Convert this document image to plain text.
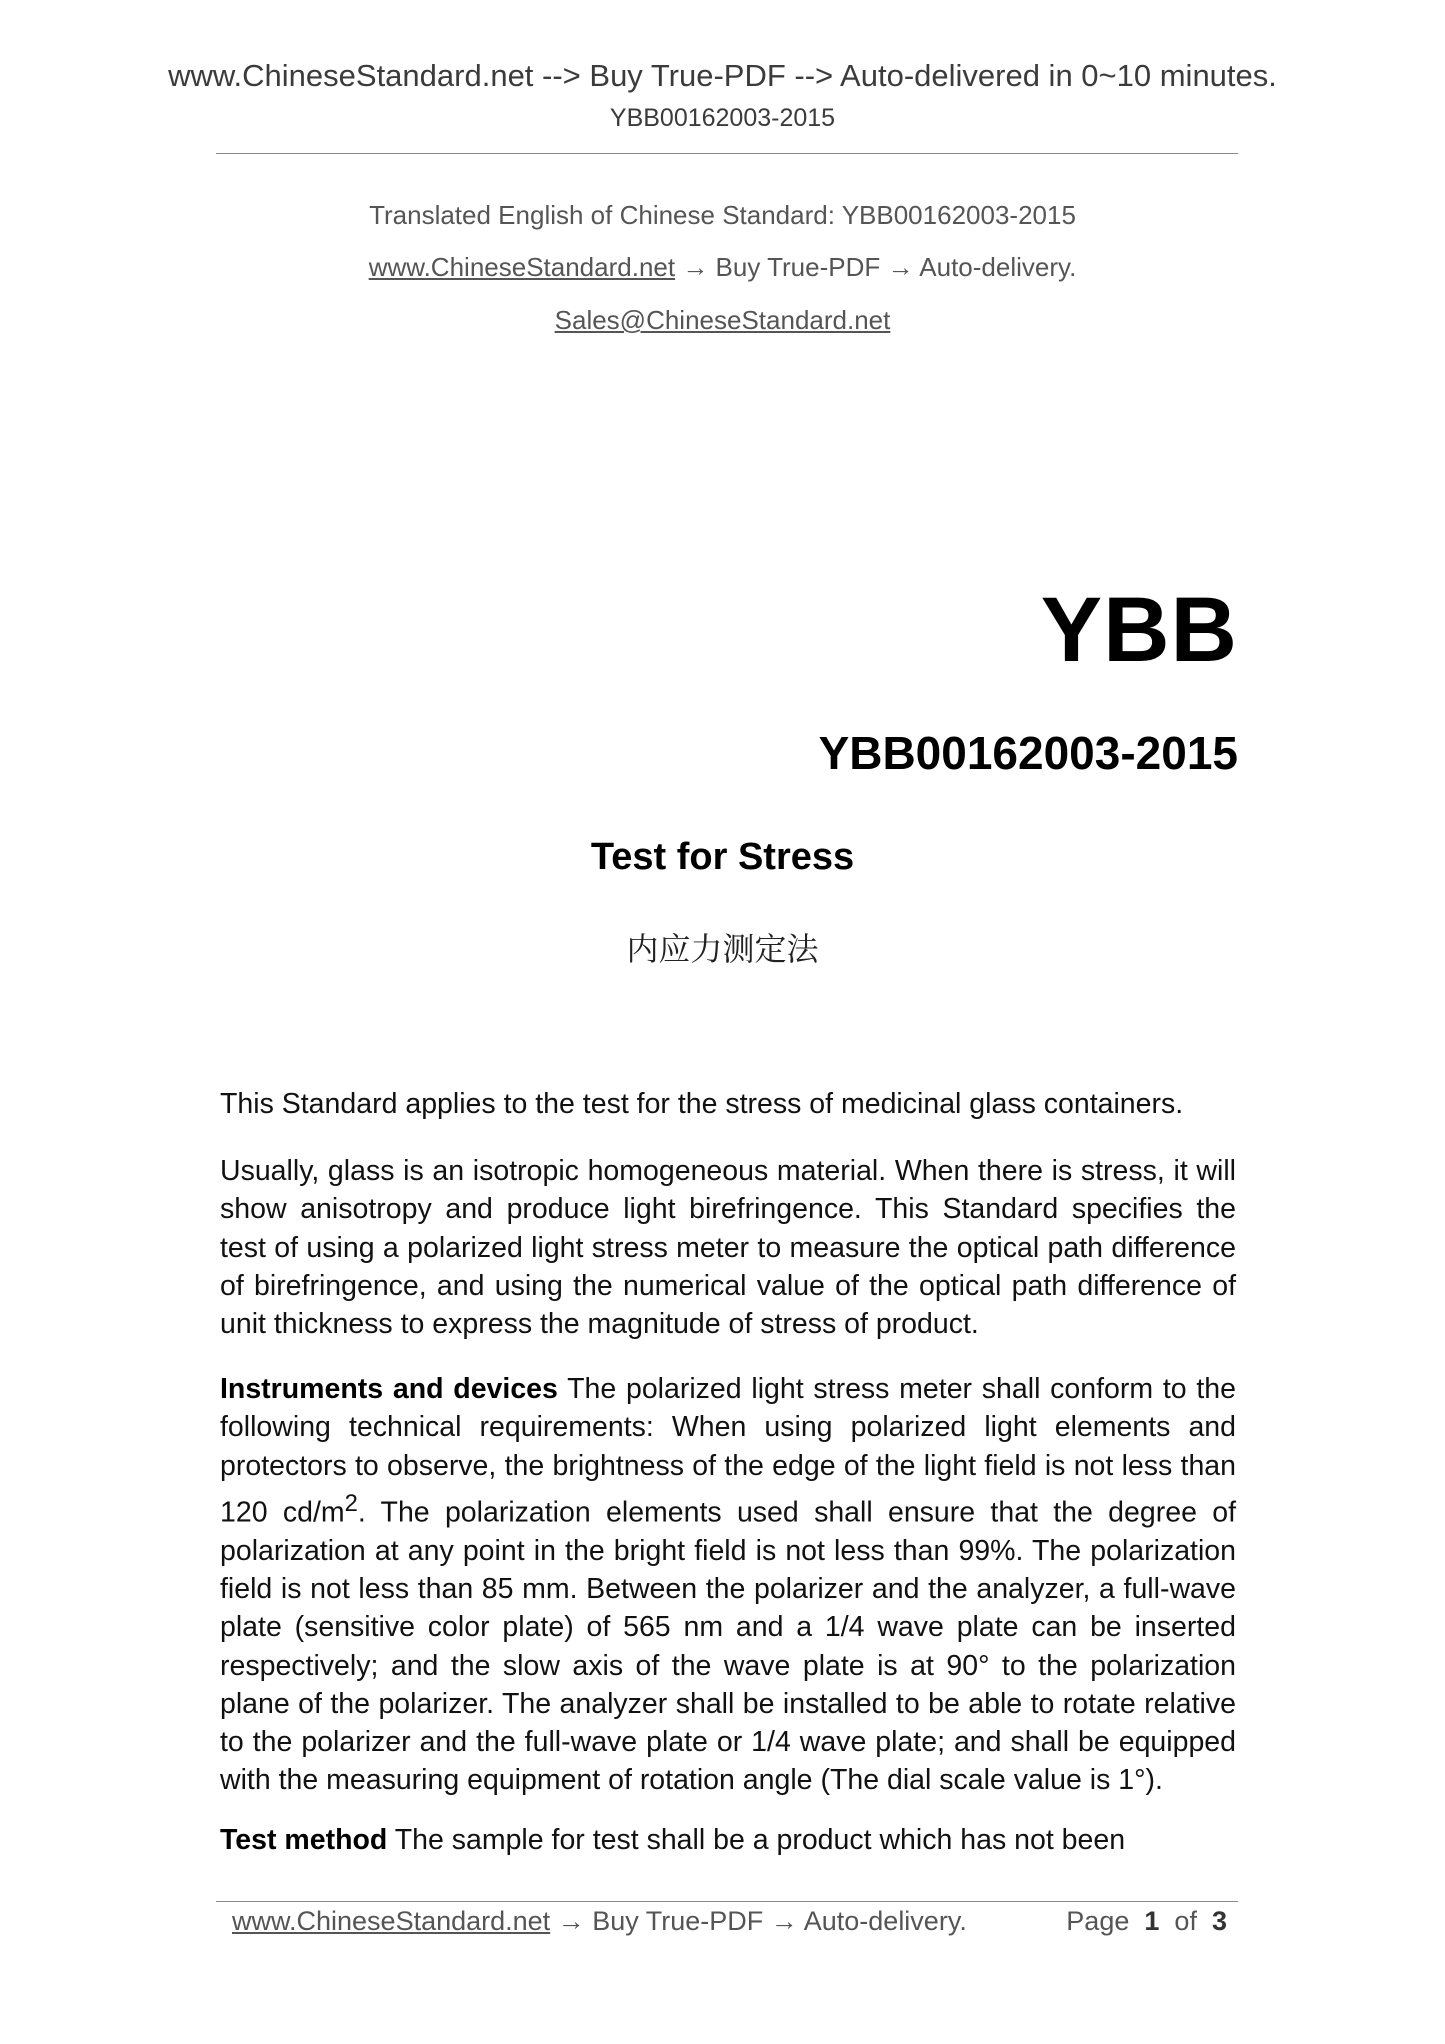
www.ChineseStandard.net --> Buy True-PDF --> Auto-delivered in 0~10 minutes.
YBB00162003-2015
Translated English of Chinese Standard: YBB00162003-2015
www.ChineseStandard.net → Buy True-PDF → Auto-delivery.
Sales@ChineseStandard.net
YBB
YBB00162003-2015
Test for Stress
内应力测定法
This Standard applies to the test for the stress of medicinal glass containers.
Usually, glass is an isotropic homogeneous material. When there is stress, it will show anisotropy and produce light birefringence. This Standard specifies the test of using a polarized light stress meter to measure the optical path difference of birefringence, and using the numerical value of the optical path difference of unit thickness to express the magnitude of stress of product.
Instruments and devices The polarized light stress meter shall conform to the following technical requirements: When using polarized light elements and protectors to observe, the brightness of the edge of the light field is not less than 120 $cd/m^2$. The polarization elements used shall ensure that the degree of polarization at any point in the bright field is not less than 99%. The polarization field is not less than 85 mm. Between the polarizer and the analyzer, a full-wave plate (sensitive color plate) of 565 nm and a 1/4 wave plate can be inserted respectively; and the slow axis of the wave plate is at 90° to the polarization plane of the polarizer. The analyzer shall be installed to be able to rotate relative to the polarizer and the full-wave plate or 1/4 wave plate; and shall be equipped with the measuring equipment of rotation angle (The dial scale value is 1°).
Test method The sample for test shall be a product which has not been
www.ChineseStandard.net → Buy True-PDF → Auto-delivery.	Page 1 of 3
